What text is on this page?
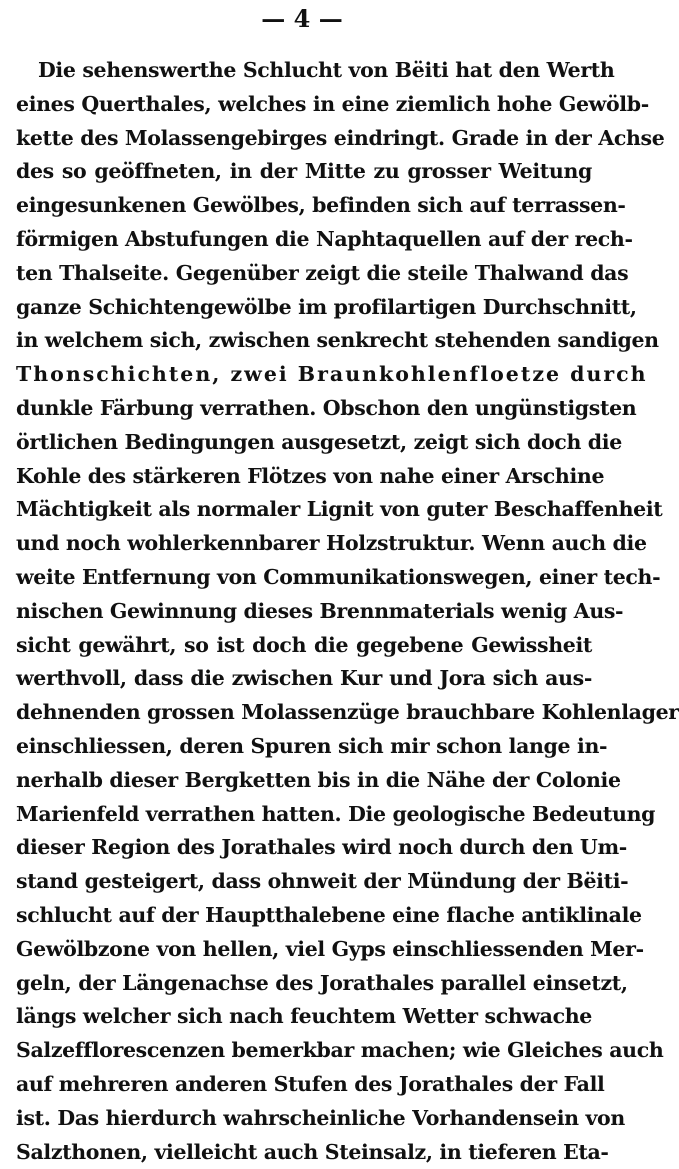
— 4 —
Die sehenswerthe Schlucht von Bëiti hat den Werth
eines Querthales, welches in eine ziemlich hohe Gewölb-
kette des Molassengebirges eindringt. Grade in der Achse
des so geöffneten, in der Mitte zu grosser Weitung
eingesunkenen Gewölbes, befinden sich auf terrassen-
förmigen Abstufungen die Naphtaquellen auf der rech-
ten Thalseite. Gegenüber zeigt die steile Thalwand das
ganze Schichtengewölbe im profilartigen Durchschnitt,
in welchem sich, zwischen senkrecht stehenden sandigen
Thonschichten, zwei Braunkohlenfloetze durch
dunkle Färbung verrathen. Obschon den ungünstigsten
örtlichen Bedingungen ausgesetzt, zeigt sich doch die
Kohle des stärkeren Flötzes von nahe einer Arschine
Mächtigkeit als normaler Lignit von guter Beschaffenheit
und noch wohlerkennbarer Holzstruktur. Wenn auch die
weite Entfernung von Communikationswegen, einer tech-
nischen Gewinnung dieses Brennmaterials wenig Aus-
sicht gewährt, so ist doch die gegebene Gewissheit
werthvoll, dass die zwischen Kur und Jora sich aus-
dehnenden grossen Molassenzüge brauchbare Kohlenlager
einschliessen, deren Spuren sich mir schon lange in-
nerhalb dieser Bergketten bis in die Nähe der Colonie
Marienfeld verrathen hatten. Die geologische Bedeutung
dieser Region des Jorathales wird noch durch den Um-
stand gesteigert, dass ohnweit der Mündung der Bëiti-
schlucht auf der Hauptthalebene eine flache antiklinale
Gewölbzone von hellen, viel Gyps einschliessenden Mer-
geln, der Längenachse des Jorathales parallel einsetzt,
längs welcher sich nach feuchtem Wetter schwache
Salzefflorescenzen bemerkbar machen; wie Gleiches auch
auf mehreren anderen Stufen des Jorathales der Fall
ist. Das hierdurch wahrscheinliche Vorhandensein von
Salzthonen, vielleicht auch Steinsalz, in tieferen Eta-
